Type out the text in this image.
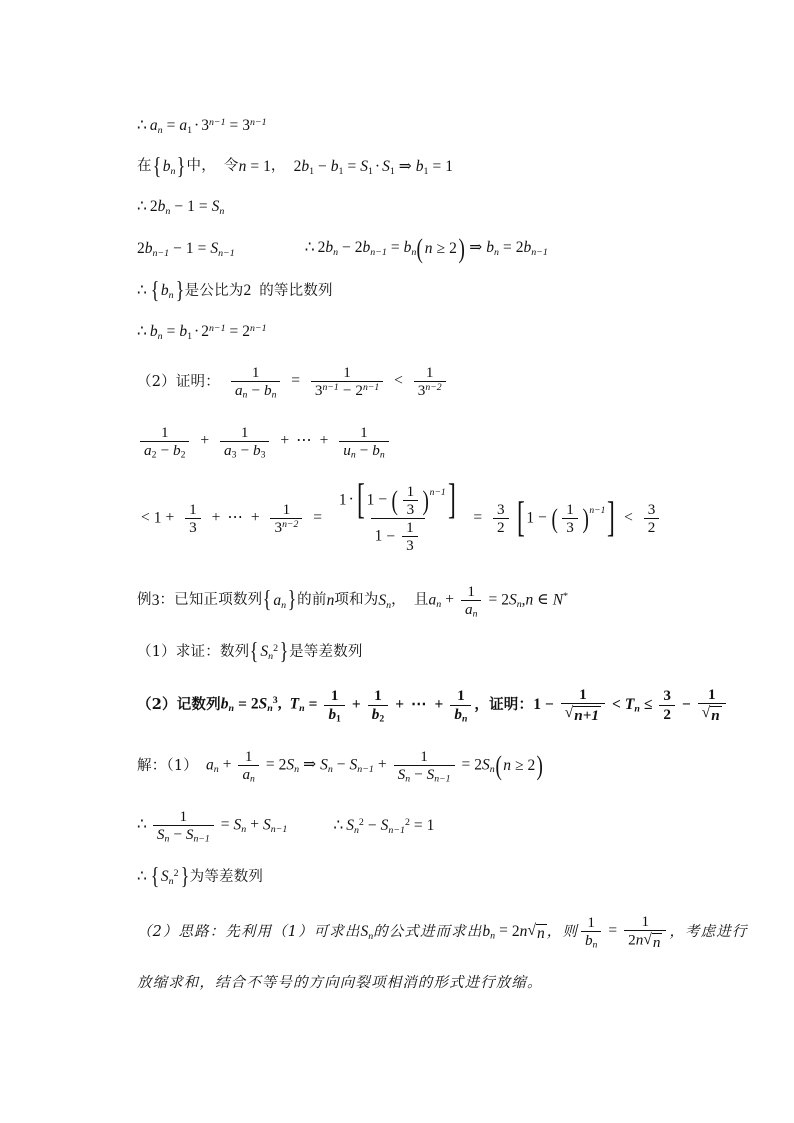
∴ $a_n = a_1 \cdot 3^{n-1} = 3^{n-1}$
在 { $b_n$ } 中， 令 n = 1 ， $2b_1 - b_1 = S_1 \cdot S_1$ ⇒ $b_1 = 1$
∴ $2b_n - 1 = S_n$
$2b_{n-1} - 1 = S_{n-1}$	∴ $2b_n - 2b_{n-1} = b_n$ ( n ≥ 2 ) ⇒ $b_n = 2b_{n-1}$
∴ { $b_n$ } 是公比为 2 的等比数列
∴ $b_n = b_1 \cdot 2^{n-1} = 2^{n-1}$
（2）证明： $\frac{1}{a_n - b_n} = \frac{1}{3^{n-1} - 2^{n-1}} < \frac{1}{3^{n-2}}$
$\frac{1}{a_2 - b_2} + \frac{1}{a_3 - b_3}$ + ⋯ + $\frac{1}{u_n - b_n}$
< $1 + \frac{1}{3}$ + ⋯ + $\frac{1}{3^{n-2}} = \frac{1 \cdot [ 1 - ( \frac{1}{3} ) ^{n-1} ]}{1 - \frac{1}{3}} = \frac{3}{2}$
[ 1 − ( $\frac{1}{3}$ ) $^{n-1}$ ] < $\frac{3}{2}$
例 3 ： 已知正项数列 { $a_n$ } 的前 n 项和为 $S_n$ ， 且 $a_n + \frac{1}{a_n} = 2S_n,n$ ∈ N*
（1）求证： 数列 { $S_n^2$ } 是等差数列
（2）记数列 $b_n = 2S_n^3$, $T_n = \frac{1}{b_1} + \frac{1}{b_2}$ + ⋯ + $\frac{1}{b_n}$ ， 证明： $1 - \frac{1}{√ n+1} < T_n \le \frac{3}{2} - \frac{1}{√ n}$
解：（1） $a_n + \frac{1}{a_n} = 2S_n$ ⇒ $S_n - S_{n-1} + \frac{1}{S_n - S_{n-1}} = 2S_n$ ( n ≥ 2 )
∴ $\frac{1}{S_n - S_{n-1}} = S_n + S_{n-1}$	∴ $S_n^2 - S_{n-1}^2 = 1$
∴ { $S_n^2$ } 为等差数列
（2）思路： 先利用（1）可求出 $S_n$ 的公式进而求出 $b_n = 2n$ √ n ， 则 $\frac{1}{b_n} = \frac{1}{2n √ n}$ ， 考虑进行
放缩求和，结合不等号的方向向裂项相消的形式进行放缩。
